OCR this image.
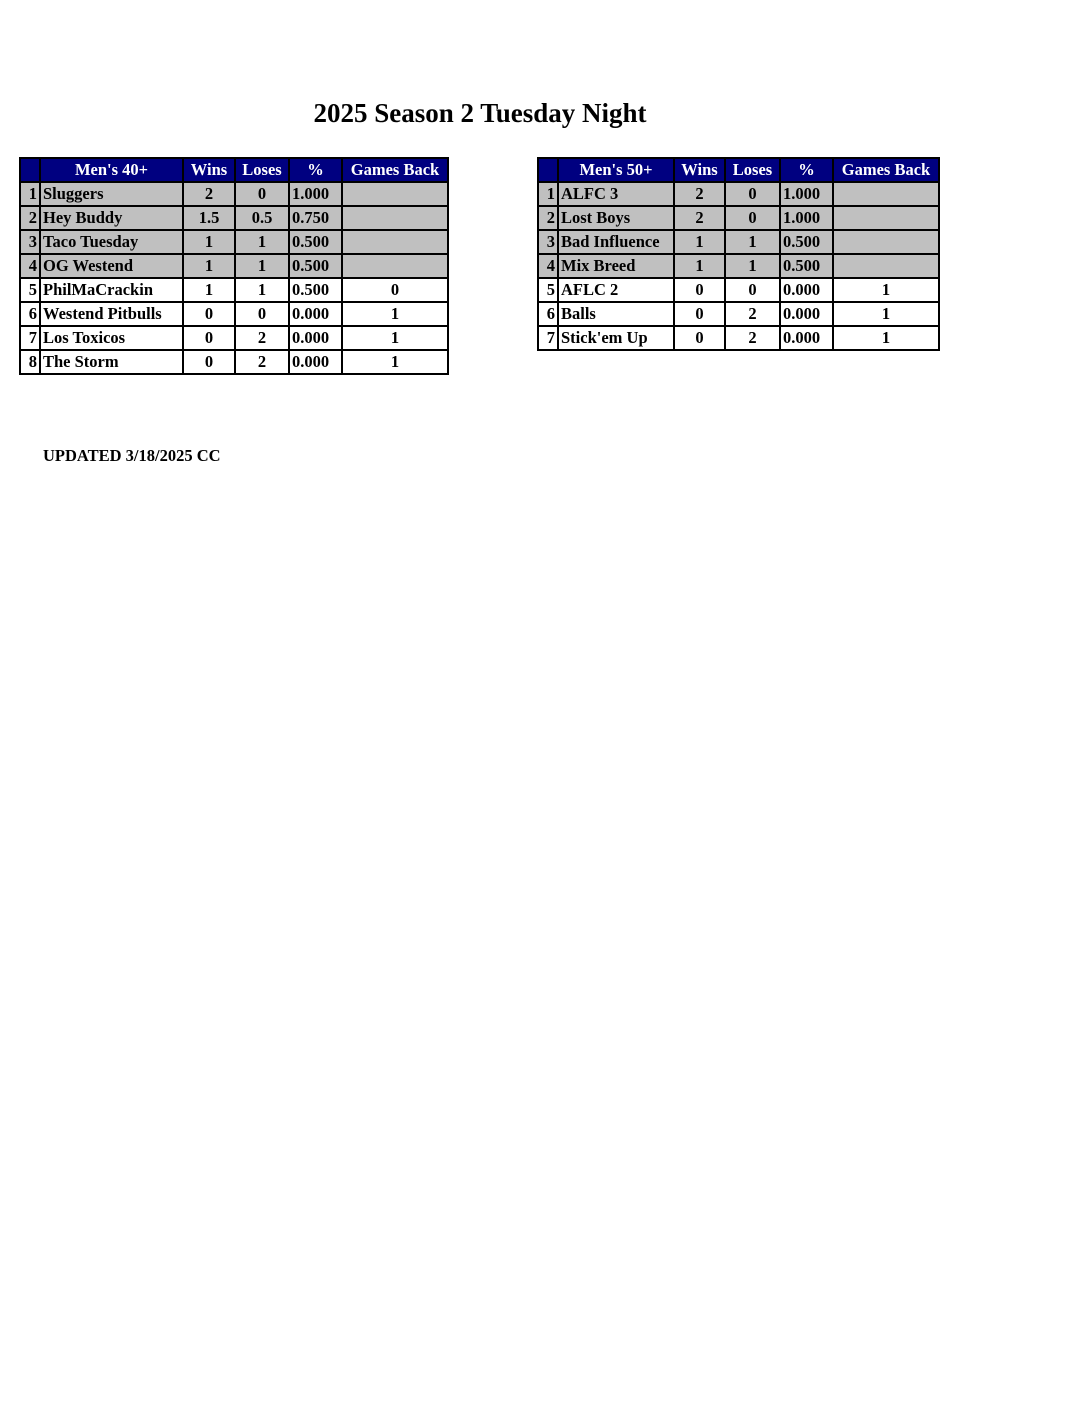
2025 Season 2 Tuesday Night
	Men's 40+	Wins	Loses	%	Games Back
1	Sluggers	2	0	1.000	
2	Hey Buddy	1.5	0.5	0.750	
3	Taco Tuesday	1	1	0.500	
4	OG Westend	1	1	0.500	
5	PhilMaCrackin	1	1	0.500	0
6	Westend Pitbulls	0	0	0.000	1
7	Los Toxicos	0	2	0.000	1
8	The Storm	0	2	0.000	1
	Men's 50+	Wins	Loses	%	Games Back
1	ALFC 3	2	0	1.000	
2	Lost Boys	2	0	1.000	
3	Bad Influence	1	1	0.500	
4	Mix Breed	1	1	0.500	
5	AFLC 2	0	0	0.000	1
6	Balls	0	2	0.000	1
7	Stick'em Up	0	2	0.000	1
UPDATED 3/18/2025 CC
